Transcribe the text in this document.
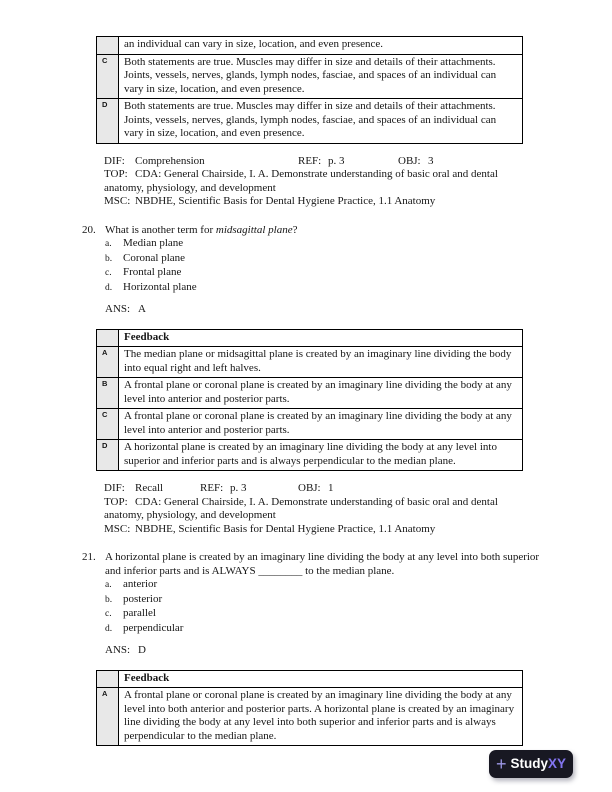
	an individual can vary in size, location, and even presence.
C	Both statements are true. Muscles may differ in size and details of their attachments. Joints, vessels, nerves, glands, lymph nodes, fasciae, and spaces of an individual can vary in size, location, and even presence.
D	Both statements are true. Muscles may differ in size and details of their attachments. Joints, vessels, nerves, glands, lymph nodes, fasciae, and spaces of an individual can vary in size, location, and even presence.
DIF: Comprehension	REF: p. 3	OBJ: 3
TOP: CDA: General Chairside, I. A. Demonstrate understanding of basic oral and dental anatomy, physiology, and development
MSC: NBDHE, Scientific Basis for Dental Hygiene Practice, 1.1 Anatomy
20. What is another term for midsagittal plane?
a. Median plane
b. Coronal plane
c. Frontal plane
d. Horizontal plane
ANS: A
	Feedback
A	The median plane or midsagittal plane is created by an imaginary line dividing the body into equal right and left halves.
B	A frontal plane or coronal plane is created by an imaginary line dividing the body at any level into anterior and posterior parts.
C	A frontal plane or coronal plane is created by an imaginary line dividing the body at any level into anterior and posterior parts.
D	A horizontal plane is created by an imaginary line dividing the body at any level into superior and inferior parts and is always perpendicular to the median plane.
DIF: Recall	REF: p. 3	OBJ: 1
TOP: CDA: General Chairside, I. A. Demonstrate understanding of basic oral and dental anatomy, physiology, and development
MSC: NBDHE, Scientific Basis for Dental Hygiene Practice, 1.1 Anatomy
21. A horizontal plane is created by an imaginary line dividing the body at any level into both superior and inferior parts and is ALWAYS ________ to the median plane.
a. anterior
b. posterior
c. parallel
d. perpendicular
ANS: D
	Feedback
A	A frontal plane or coronal plane is created by an imaginary line dividing the body at any level into both anterior and posterior parts. A horizontal plane is created by an imaginary line dividing the body at any level into both superior and inferior parts and is always perpendicular to the median plane.
+ Study XY
